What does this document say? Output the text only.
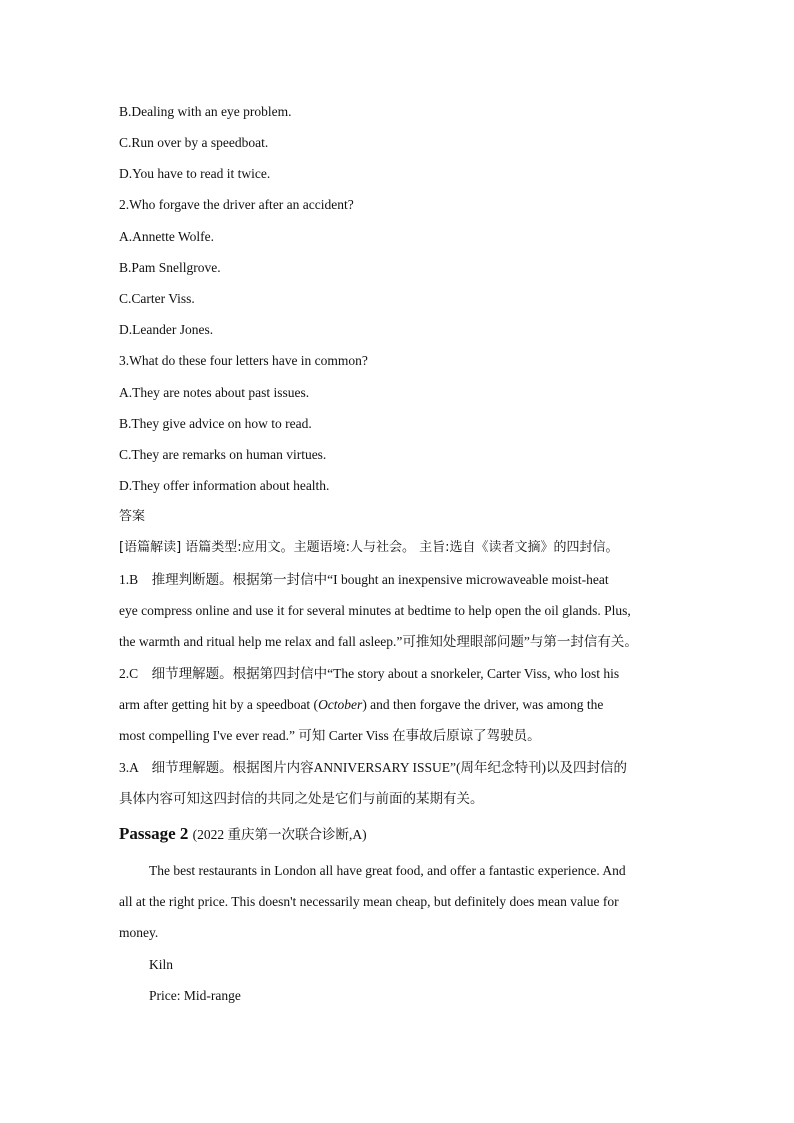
B.Dealing with an eye problem.
C.Run over by a speedboat.
D.You have to read it twice.
2.Who forgave the driver after an accident?
A.Annette Wolfe.
B.Pam Snellgrove.
C.Carter Viss.
D.Leander Jones.
3.What do these four letters have in common?
A.They are notes about past issues.
B.They give advice on how to read.
C.They are remarks on human virtues.
D.They offer information about health.
答案
[语篇解读] 语篇类型:应用文。主题语境:人与社会。 主旨:选自《读者文摘》的四封信。
1.B　推理判断题。根据第一封信中“I bought an inexpensive microwaveable moist-heat
eye compress online and use it for several minutes at bedtime to help open the oil glands. Plus,
the warmth and ritual help me relax and fall asleep.”可推知处理眼部问题”与第一封信有关。
2.C　细节理解题。根据第四封信中“The story about a snorkeler, Carter Viss, who lost his
arm after getting hit by a speedboat (October) and then forgave the driver, was among the
most compelling I've ever read.” 可知 Carter Viss 在事故后原谅了驾驶员。
3.A　细节理解题。根据图片内容ANNIVERSARY ISSUE”(周年纪念特刊)以及四封信的
具体内容可知这四封信的共同之处是它们与前面的某期有关。
Passage 2 (2022 重庆第一次联合诊断,A)
The best restaurants in London all have great food, and offer a fantastic experience. And
all at the right price. This doesn't necessarily mean cheap, but definitely does mean value for
money.
Kiln
Price: Mid-range
